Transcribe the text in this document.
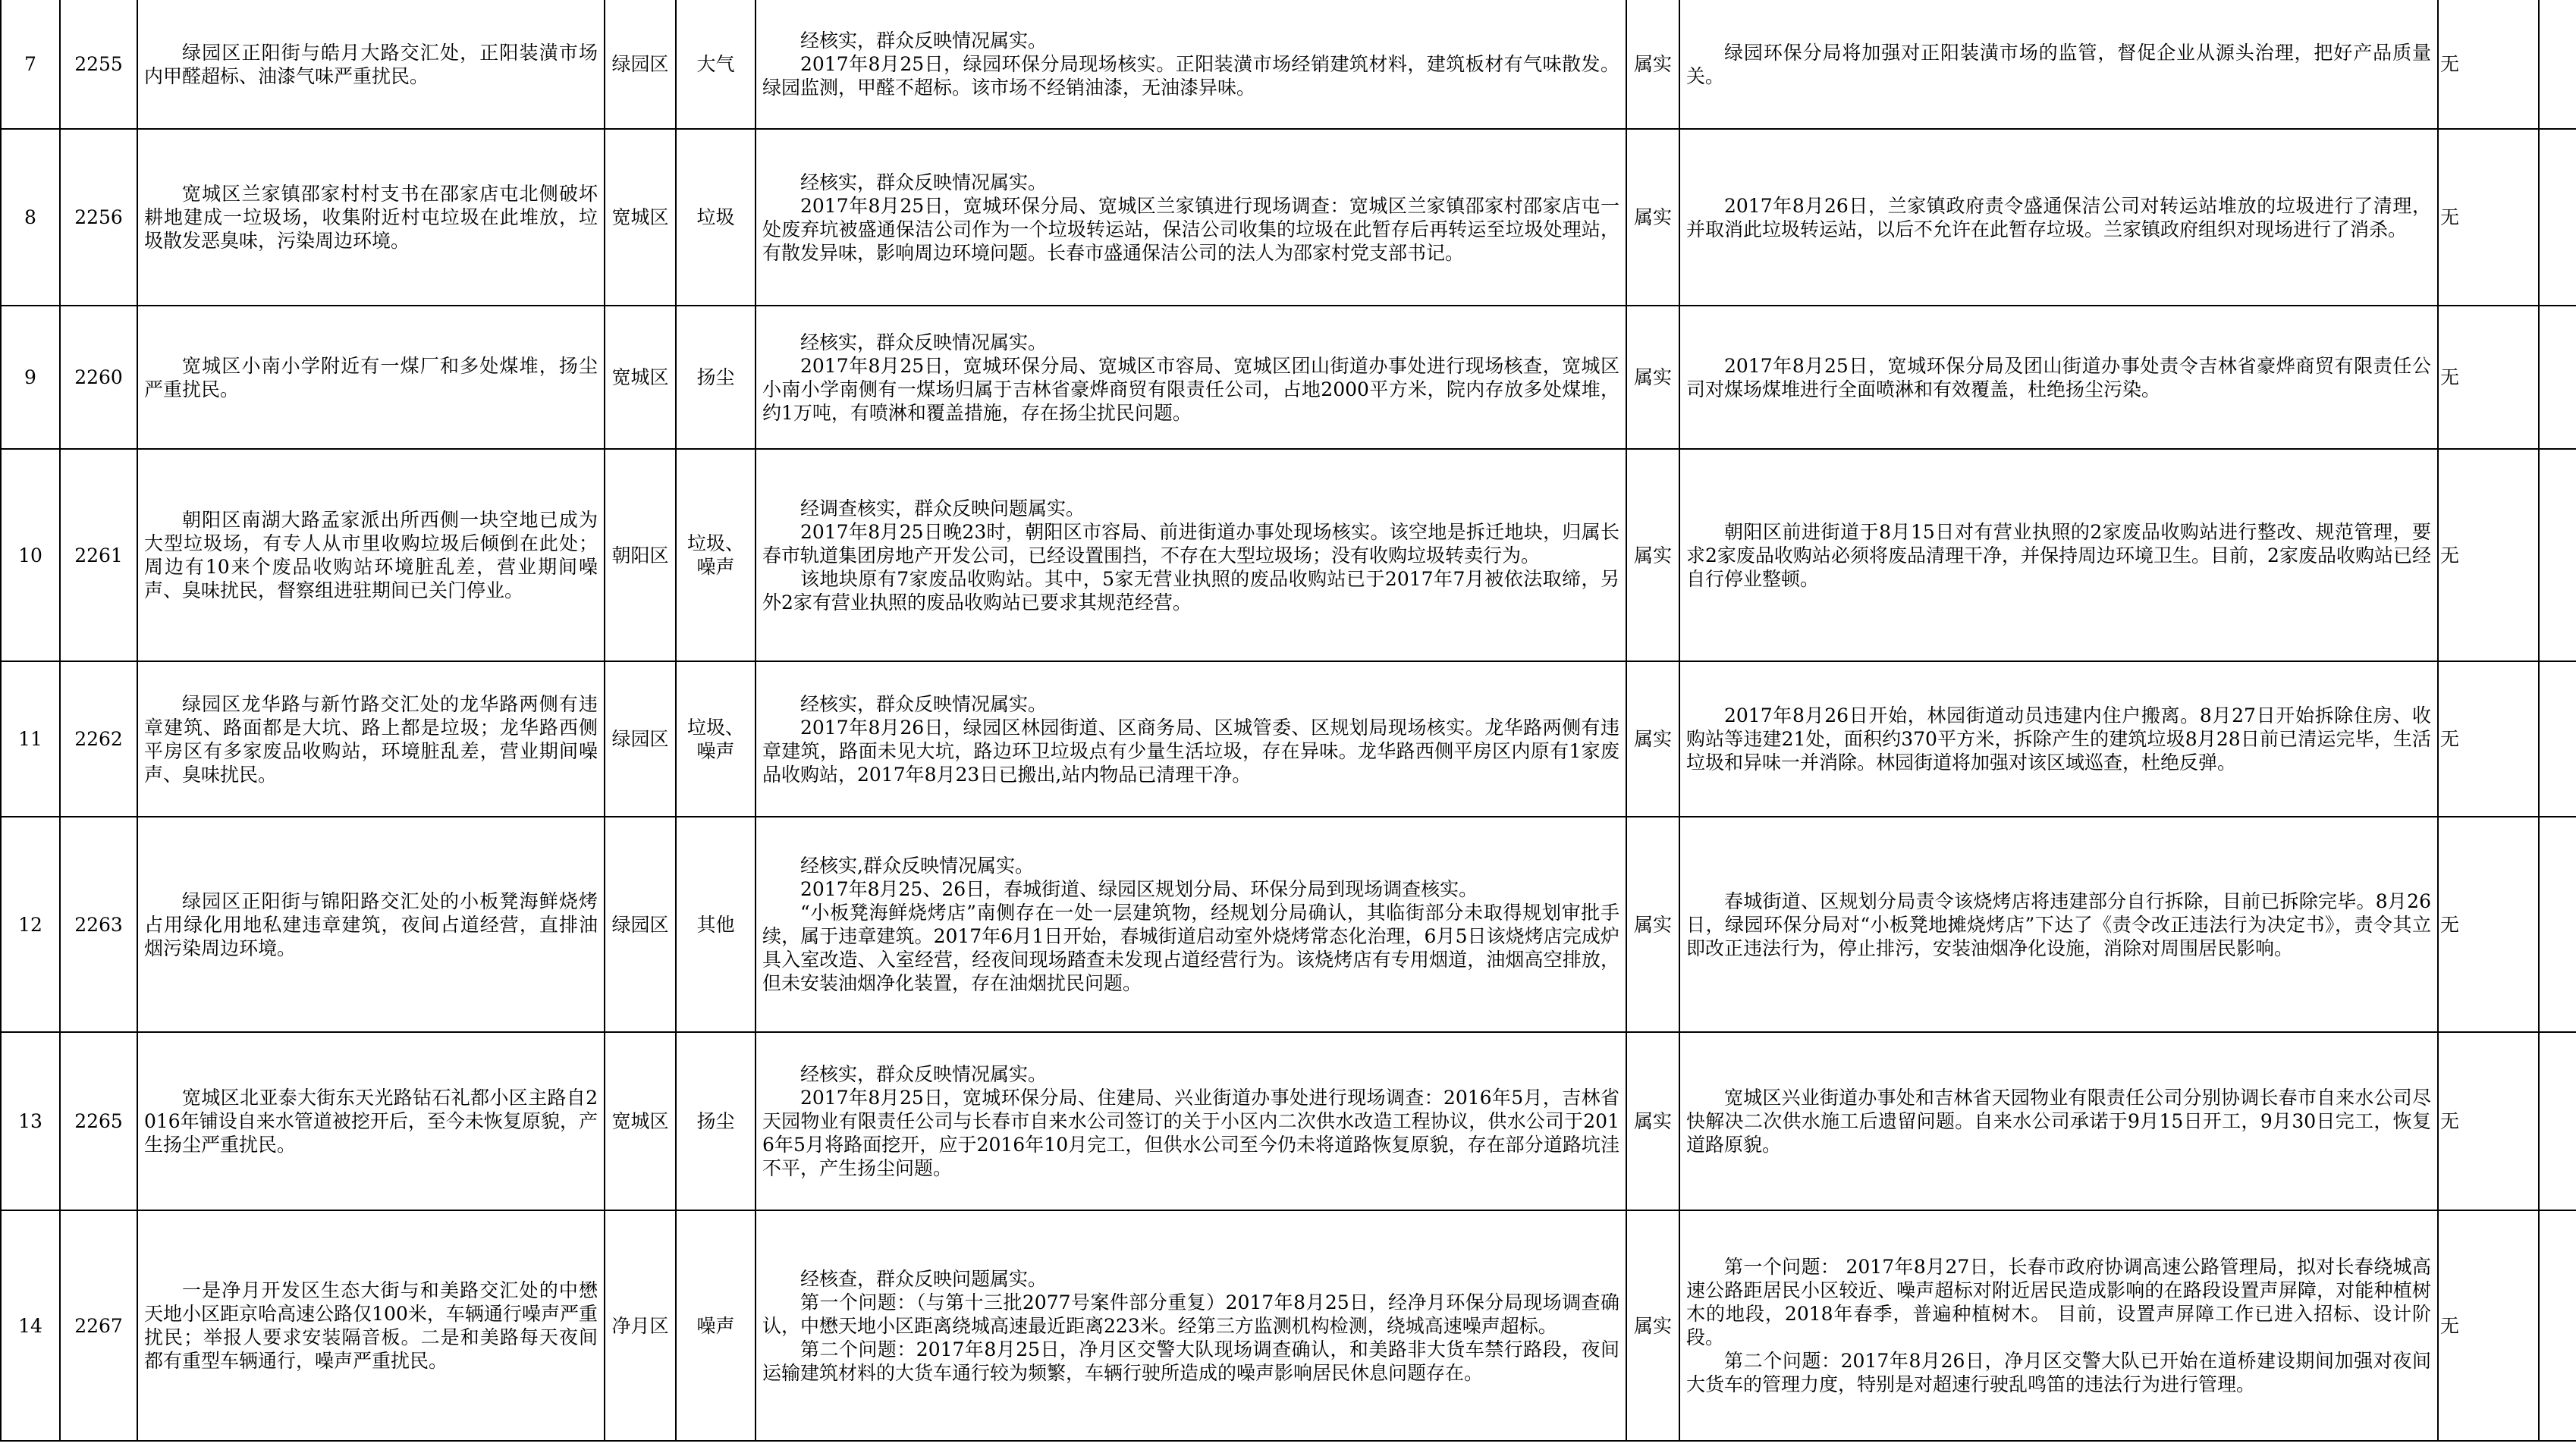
7	2255	绿园区正阳街与皓月大路交汇处，正阳装潢市场内甲醛超标、油漆气味严重扰民。	绿园区	大气	经核实，群众反映情况属实。
2017年8月25日，绿园环保分局现场核实。正阳装潢市场经销建筑材料，建筑板材有气味散发。绿园监测，甲醛不超标。该市场不经销油漆，无油漆异味。	属实	绿园环保分局将加强对正阳装潢市场的监管，督促企业从源头治理，把好产品质量关。	无	
8	2256	宽城区兰家镇邵家村村支书在邵家店屯北侧破坏耕地建成一垃圾场，收集附近村屯垃圾在此堆放，垃圾散发恶臭味，污染周边环境。	宽城区	垃圾	经核实，群众反映情况属实。
2017年8月25日，宽城环保分局、宽城区兰家镇进行现场调查：宽城区兰家镇邵家村邵家店屯一处废弃坑被盛通保洁公司作为一个垃圾转运站，保洁公司收集的垃圾在此暂存后再转运至垃圾处理站，有散发异味，影响周边环境问题。长春市盛通保洁公司的法人为邵家村党支部书记。	属实	2017年8月26日，兰家镇政府责令盛通保洁公司对转运站堆放的垃圾进行了清理，并取消此垃圾转运站，以后不允许在此暂存垃圾。兰家镇政府组织对现场进行了消杀。	无	
9	2260	宽城区小南小学附近有一煤厂和多处煤堆，扬尘严重扰民。	宽城区	扬尘	经核实，群众反映情况属实。
2017年8月25日，宽城环保分局、宽城区市容局、宽城区团山街道办事处进行现场核查，宽城区小南小学南侧有一煤场归属于吉林省豪烨商贸有限责任公司，占地2000平方米，院内存放多处煤堆，约1万吨，有喷淋和覆盖措施，存在扬尘扰民问题。	属实	2017年8月25日，宽城环保分局及团山街道办事处责令吉林省豪烨商贸有限责任公司对煤场煤堆进行全面喷淋和有效覆盖，杜绝扬尘污染。	无	
10	2261	朝阳区南湖大路孟家派出所西侧一块空地已成为大型垃圾场，有专人从市里收购垃圾后倾倒在此处；周边有10来个废品收购站环境脏乱差，营业期间噪声、臭味扰民，督察组进驻期间已关门停业。	朝阳区	垃圾、噪声	经调查核实，群众反映问题属实。
2017年8月25日晚23时，朝阳区市容局、前进街道办事处现场核实。该空地是拆迁地块，归属长春市轨道集团房地产开发公司，已经设置围挡，不存在大型垃圾场；没有收购垃圾转卖行为。
该地块原有7家废品收购站。其中，5家无营业执照的废品收购站已于2017年7月被依法取缔，另外2家有营业执照的废品收购站已要求其规范经营。	属实	朝阳区前进街道于8月15日对有营业执照的2家废品收购站进行整改、规范管理，要求2家废品收购站必须将废品清理干净，并保持周边环境卫生。目前，2家废品收购站已经自行停业整顿。	无	
11	2262	绿园区龙华路与新竹路交汇处的龙华路两侧有违章建筑、路面都是大坑、路上都是垃圾；龙华路西侧平房区有多家废品收购站，环境脏乱差，营业期间噪声、臭味扰民。	绿园区	垃圾、噪声	经核实，群众反映情况属实。
2017年8月26日，绿园区林园街道、区商务局、区城管委、区规划局现场核实。龙华路两侧有违章建筑，路面未见大坑，路边环卫垃圾点有少量生活垃圾，存在异味。龙华路西侧平房区内原有1家废品收购站，2017年8月23日已搬出,站内物品已清理干净。	属实	2017年8月26日开始，林园街道动员违建内住户搬离。8月27日开始拆除住房、收购站等违建21处，面积约370平方米，拆除产生的建筑垃圾8月28日前已清运完毕，生活垃圾和异味一并消除。林园街道将加强对该区域巡查，杜绝反弹。	无	
12	2263	绿园区正阳街与锦阳路交汇处的小板凳海鲜烧烤占用绿化用地私建违章建筑，夜间占道经营，直排油烟污染周边环境。	绿园区	其他	经核实,群众反映情况属实。
2017年8月25、26日，春城街道、绿园区规划分局、环保分局到现场调查核实。
“小板凳海鲜烧烤店”南侧存在一处一层建筑物，经规划分局确认，其临街部分未取得规划审批手续，属于违章建筑。2017年6月1日开始，春城街道启动室外烧烤常态化治理，6月5日该烧烤店完成炉具入室改造、入室经营，经夜间现场踏查未发现占道经营行为。该烧烤店有专用烟道，油烟高空排放，但未安装油烟净化装置，存在油烟扰民问题。	属实	春城街道、区规划分局责令该烧烤店将违建部分自行拆除，目前已拆除完毕。8月26日，绿园环保分局对“小板凳地摊烧烤店”下达了《责令改正违法行为决定书》，责令其立即改正违法行为，停止排污，安装油烟净化设施，消除对周围居民影响。	无	
13	2265	宽城区北亚泰大街东天光路钻石礼都小区主路自2016年铺设自来水管道被挖开后，至今未恢复原貌，产生扬尘严重扰民。	宽城区	扬尘	经核实，群众反映情况属实。
2017年8月25日，宽城环保分局、住建局、兴业街道办事处进行现场调查：2016年5月，吉林省天园物业有限责任公司与长春市自来水公司签订的关于小区内二次供水改造工程协议，供水公司于2016年5月将路面挖开，应于2016年10月完工，但供水公司至今仍未将道路恢复原貌，存在部分道路坑洼不平，产生扬尘问题。	属实	宽城区兴业街道办事处和吉林省天园物业有限责任公司分别协调长春市自来水公司尽快解决二次供水施工后遗留问题。自来水公司承诺于9月15日开工，9月30日完工，恢复道路原貌。	无	
14	2267	一是净月开发区生态大街与和美路交汇处的中懋天地小区距京哈高速公路仅100米，车辆通行噪声严重扰民；举报人要求安装隔音板。二是和美路每天夜间都有重型车辆通行，噪声严重扰民。	净月区	噪声	经核查，群众反映问题属实。
第一个问题：（与第十三批2077号案件部分重复）2017年8月25日，经净月环保分局现场调查确认，中懋天地小区距离绕城高速最近距离223米。经第三方监测机构检测，绕城高速噪声超标。
第二个问题：2017年8月25日，净月区交警大队现场调查确认，和美路非大货车禁行路段，夜间运输建筑材料的大货车通行较为频繁，车辆行驶所造成的噪声影响居民休息问题存在。	属实	第一个问题： 2017年8月27日，长春市政府协调高速公路管理局，拟对长春绕城高速公路距居民小区较近、噪声超标对附近居民造成影响的在路段设置声屏障，对能种植树木的地段，2018年春季，普遍种植树木。 目前，设置声屏障工作已进入招标、设计阶段。
第二个问题：2017年8月26日，净月区交警大队已开始在道桥建设期间加强对夜间大货车的管理力度，特别是对超速行驶乱鸣笛的违法行为进行管理。	无	
